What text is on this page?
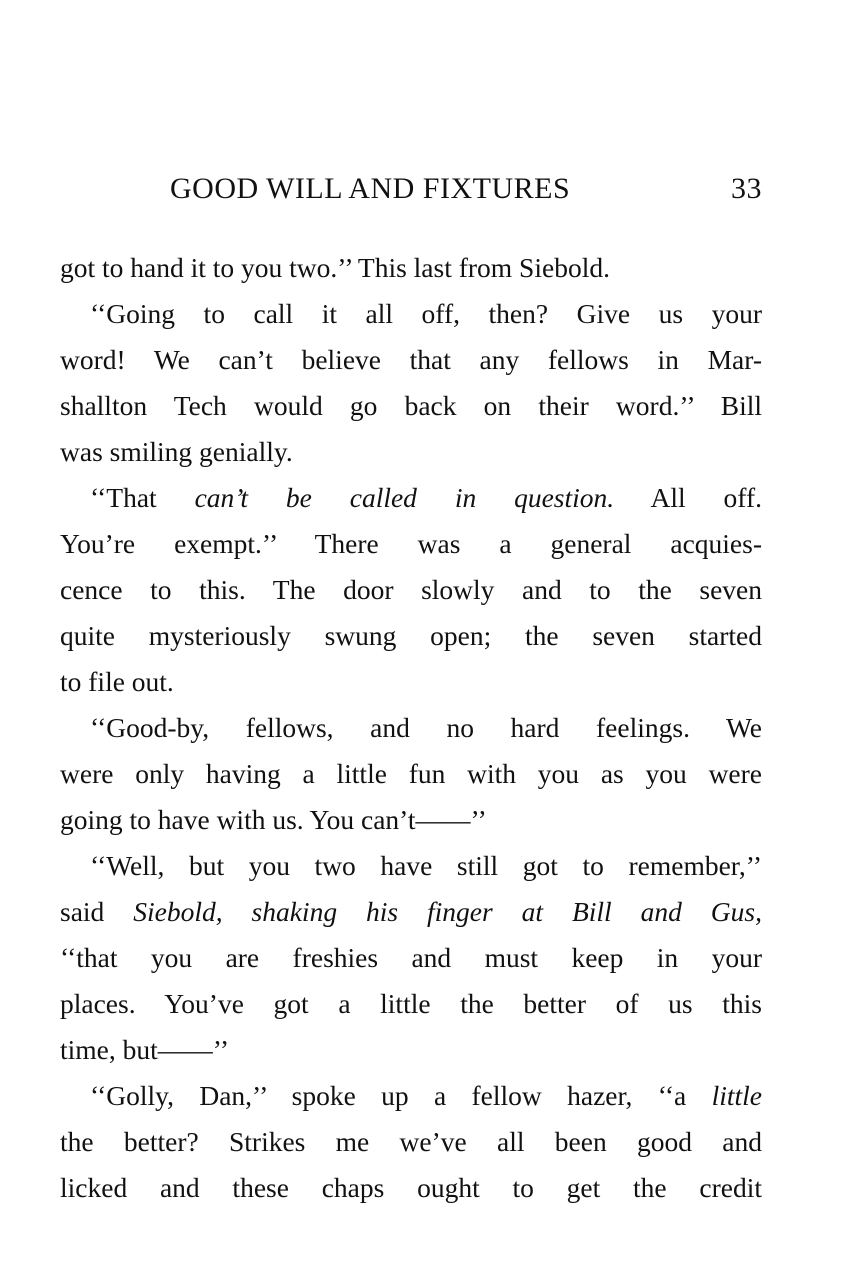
GOOD WILL AND FIXTURES	33
got to hand it to you two.’’ This last from Siebold.
‘‘Going to call it all off, then? Give us your
word! We can’t believe that any fellows in Mar-
shallton Tech would go back on their word.’’ Bill
was smiling genially.
‘‘That can’t be called in question. All off.
You’re exempt.’’ There was a general acquies-
cence to this. The door slowly and to the seven
quite mysteriously swung open; the seven started
to file out.
‘‘Good-by, fellows, and no hard feelings. We
were only having a little fun with you as you were
going to have with us. You can’t——’’
‘‘Well, but you two have still got to remember,’’
said Siebold, shaking his finger at Bill and Gus,
‘‘that you are freshies and must keep in your
places. You’ve got a little the better of us this
time, but——’’
‘‘Golly, Dan,’’ spoke up a fellow hazer, ‘‘a little
the better? Strikes me we’ve all been good and
licked and these chaps ought to get the credit
